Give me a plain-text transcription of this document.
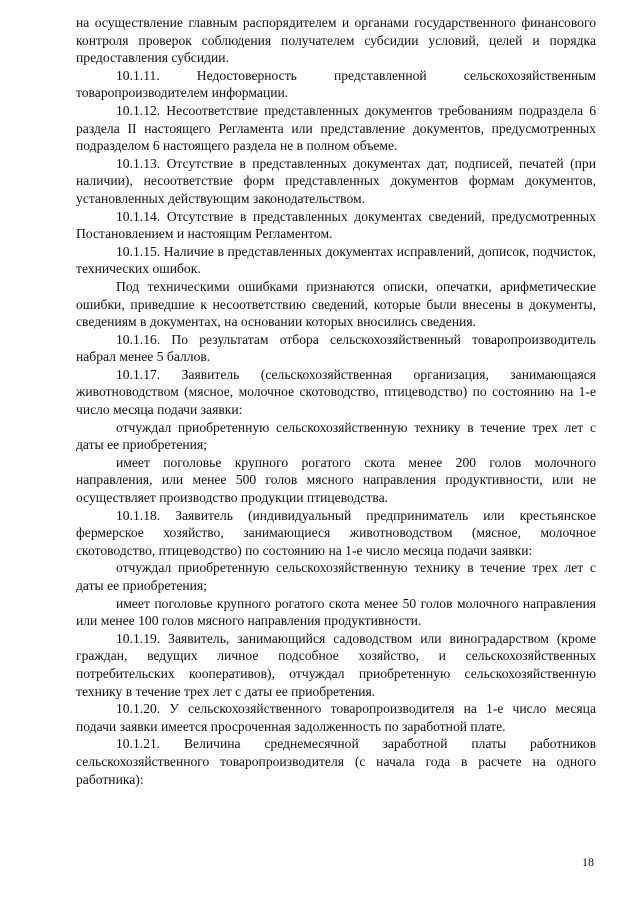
на осуществление главным распорядителем и органами государственного финансового контроля проверок соблюдения получателем субсидии условий, целей и порядка предоставления субсидии.

10.1.11. Недостоверность представленной сельскохозяйственным товаропроизводителем информации.

10.1.12. Несоответствие представленных документов требованиям подраздела 6 раздела II настоящего Регламента или представление документов, предусмотренных подразделом 6 настоящего раздела не в полном объеме.

10.1.13. Отсутствие в представленных документах дат, подписей, печатей (при наличии), несоответствие форм представленных документов формам документов, установленных действующим законодательством.

10.1.14. Отсутствие в представленных документах сведений, предусмотренных Постановлением и настоящим Регламентом.

10.1.15. Наличие в представленных документах исправлений, дописок, подчисток, технических ошибок.

Под техническими ошибками признаются описки, опечатки, арифметические ошибки, приведшие к несоответствию сведений, которые были внесены в документы, сведениям в документах, на основании которых вносились сведения.

10.1.16. По результатам отбора сельскохозяйственный товаропроизводитель набрал менее 5 баллов.

10.1.17. Заявитель (сельскохозяйственная организация, занимающаяся животноводством (мясное, молочное скотоводство, птицеводство) по состоянию на 1-е число месяца подачи заявки:

отчуждал приобретенную сельскохозяйственную технику в течение трех лет с даты ее приобретения;

имеет поголовье крупного рогатого скота менее 200 голов молочного направления, или менее 500 голов мясного направления продуктивности, или не осуществляет производство продукции птицеводства.

10.1.18. Заявитель (индивидуальный предприниматель или крестьянское фермерское хозяйство, занимающиеся животноводством (мясное, молочное скотоводство, птицеводство) по состоянию на 1-е число месяца подачи заявки:

отчуждал приобретенную сельскохозяйственную технику в течение трех лет с даты ее приобретения;

имеет поголовье крупного рогатого скота менее 50 голов молочного направления или менее 100 голов мясного направления продуктивности.

10.1.19. Заявитель, занимающийся садоводством или виноградарством (кроме граждан, ведущих личное подсобное хозяйство, и сельскохозяйственных потребительских кооперативов), отчуждал приобретенную сельскохозяйственную технику в течение трех лет с даты ее приобретения.

10.1.20. У сельскохозяйственного товаропроизводителя на 1-е число месяца подачи заявки имеется просроченная задолженность по заработной плате.

10.1.21. Величина среднемесячной заработной платы работников сельскохозяйственного товаропроизводителя (с начала года в расчете на одного работника):

18
